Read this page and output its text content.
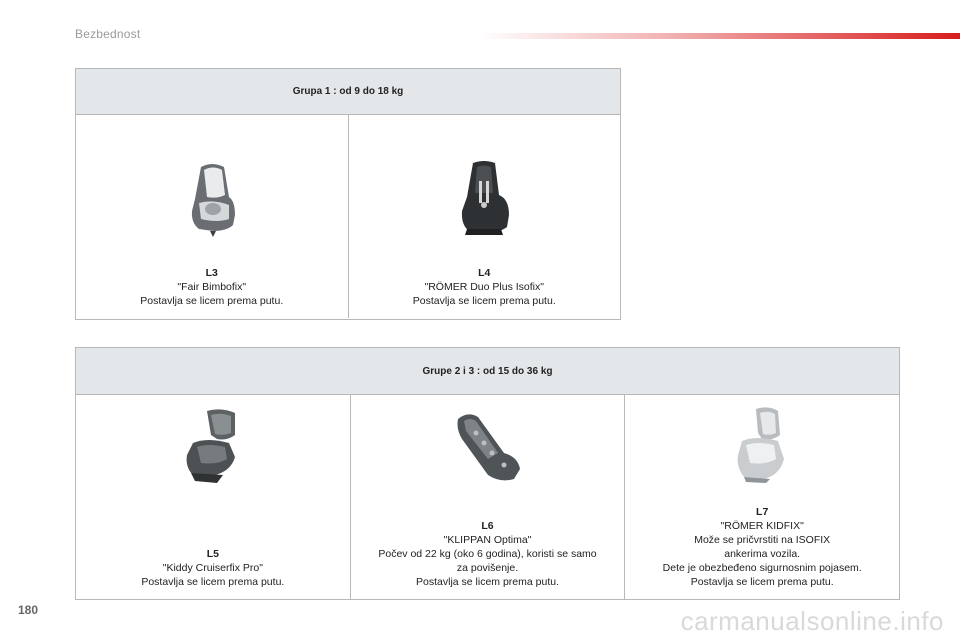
Bezbednost
Grupa 1 : od 9 do 18 kg
L3
"Fair Bimbofix"
Postavlja se licem prema putu.
L4
"RÖMER Duo Plus Isofix"
Postavlja se licem prema putu.
Grupe 2 i 3 : od 15 do 36 kg
L5
"Kiddy Cruiserfix Pro"
Postavlja se licem prema putu.
L6
"KLIPPAN Optima"
Počev od 22 kg (oko 6 godina), koristi se samo
za povišenje.
Postavlja se licem prema putu.
L7
"RÖMER KIDFIX"
Može se pričvrstiti na ISOFIX
ankerima vozila.
Dete je obezbeđeno sigurnosnim pojasem.
Postavlja se licem prema putu.
180	carmanualsonline.info
